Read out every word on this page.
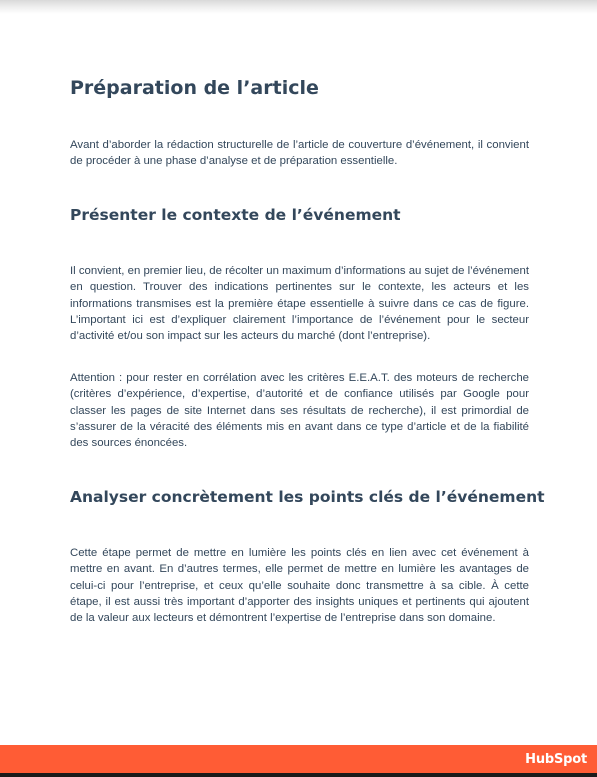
Préparation de l’article

Avant d’aborder la rédaction structurelle de l’article de couverture d’événement, il convient de procéder à une phase d’analyse et de préparation essentielle.

Présenter le contexte de l’événement

Il convient, en premier lieu, de récolter un maximum d’informations au sujet de l’événement en question. Trouver des indications pertinentes sur le contexte, les acteurs et les informations transmises est la première étape essentielle à suivre dans ce cas de figure. L’important ici est d’expliquer clairement l’importance de l’événement pour le secteur d’activité et/ou son impact sur les acteurs du marché (dont l’entreprise).

Attention : pour rester en corrélation avec les critères E.E.A.T. des moteurs de recherche (critères d’expérience, d’expertise, d’autorité et de confiance utilisés par Google pour classer les pages de site Internet dans ses résultats de recherche), il est primordial de s’assurer de la véracité des éléments mis en avant dans ce type d’article et de la fiabilité des sources énoncées.

Analyser concrètement les points clés de l’événement

Cette étape permet de mettre en lumière les points clés en lien avec cet événement à mettre en avant. En d’autres termes, elle permet de mettre en lumière les avantages de celui-ci pour l’entreprise, et ceux qu’elle souhaite donc transmettre à sa cible. À cette étape, il est aussi très important d’apporter des insights uniques et pertinents qui ajoutent de la valeur aux lecteurs et démontrent l’expertise de l’entreprise dans son domaine.

HubSpot
